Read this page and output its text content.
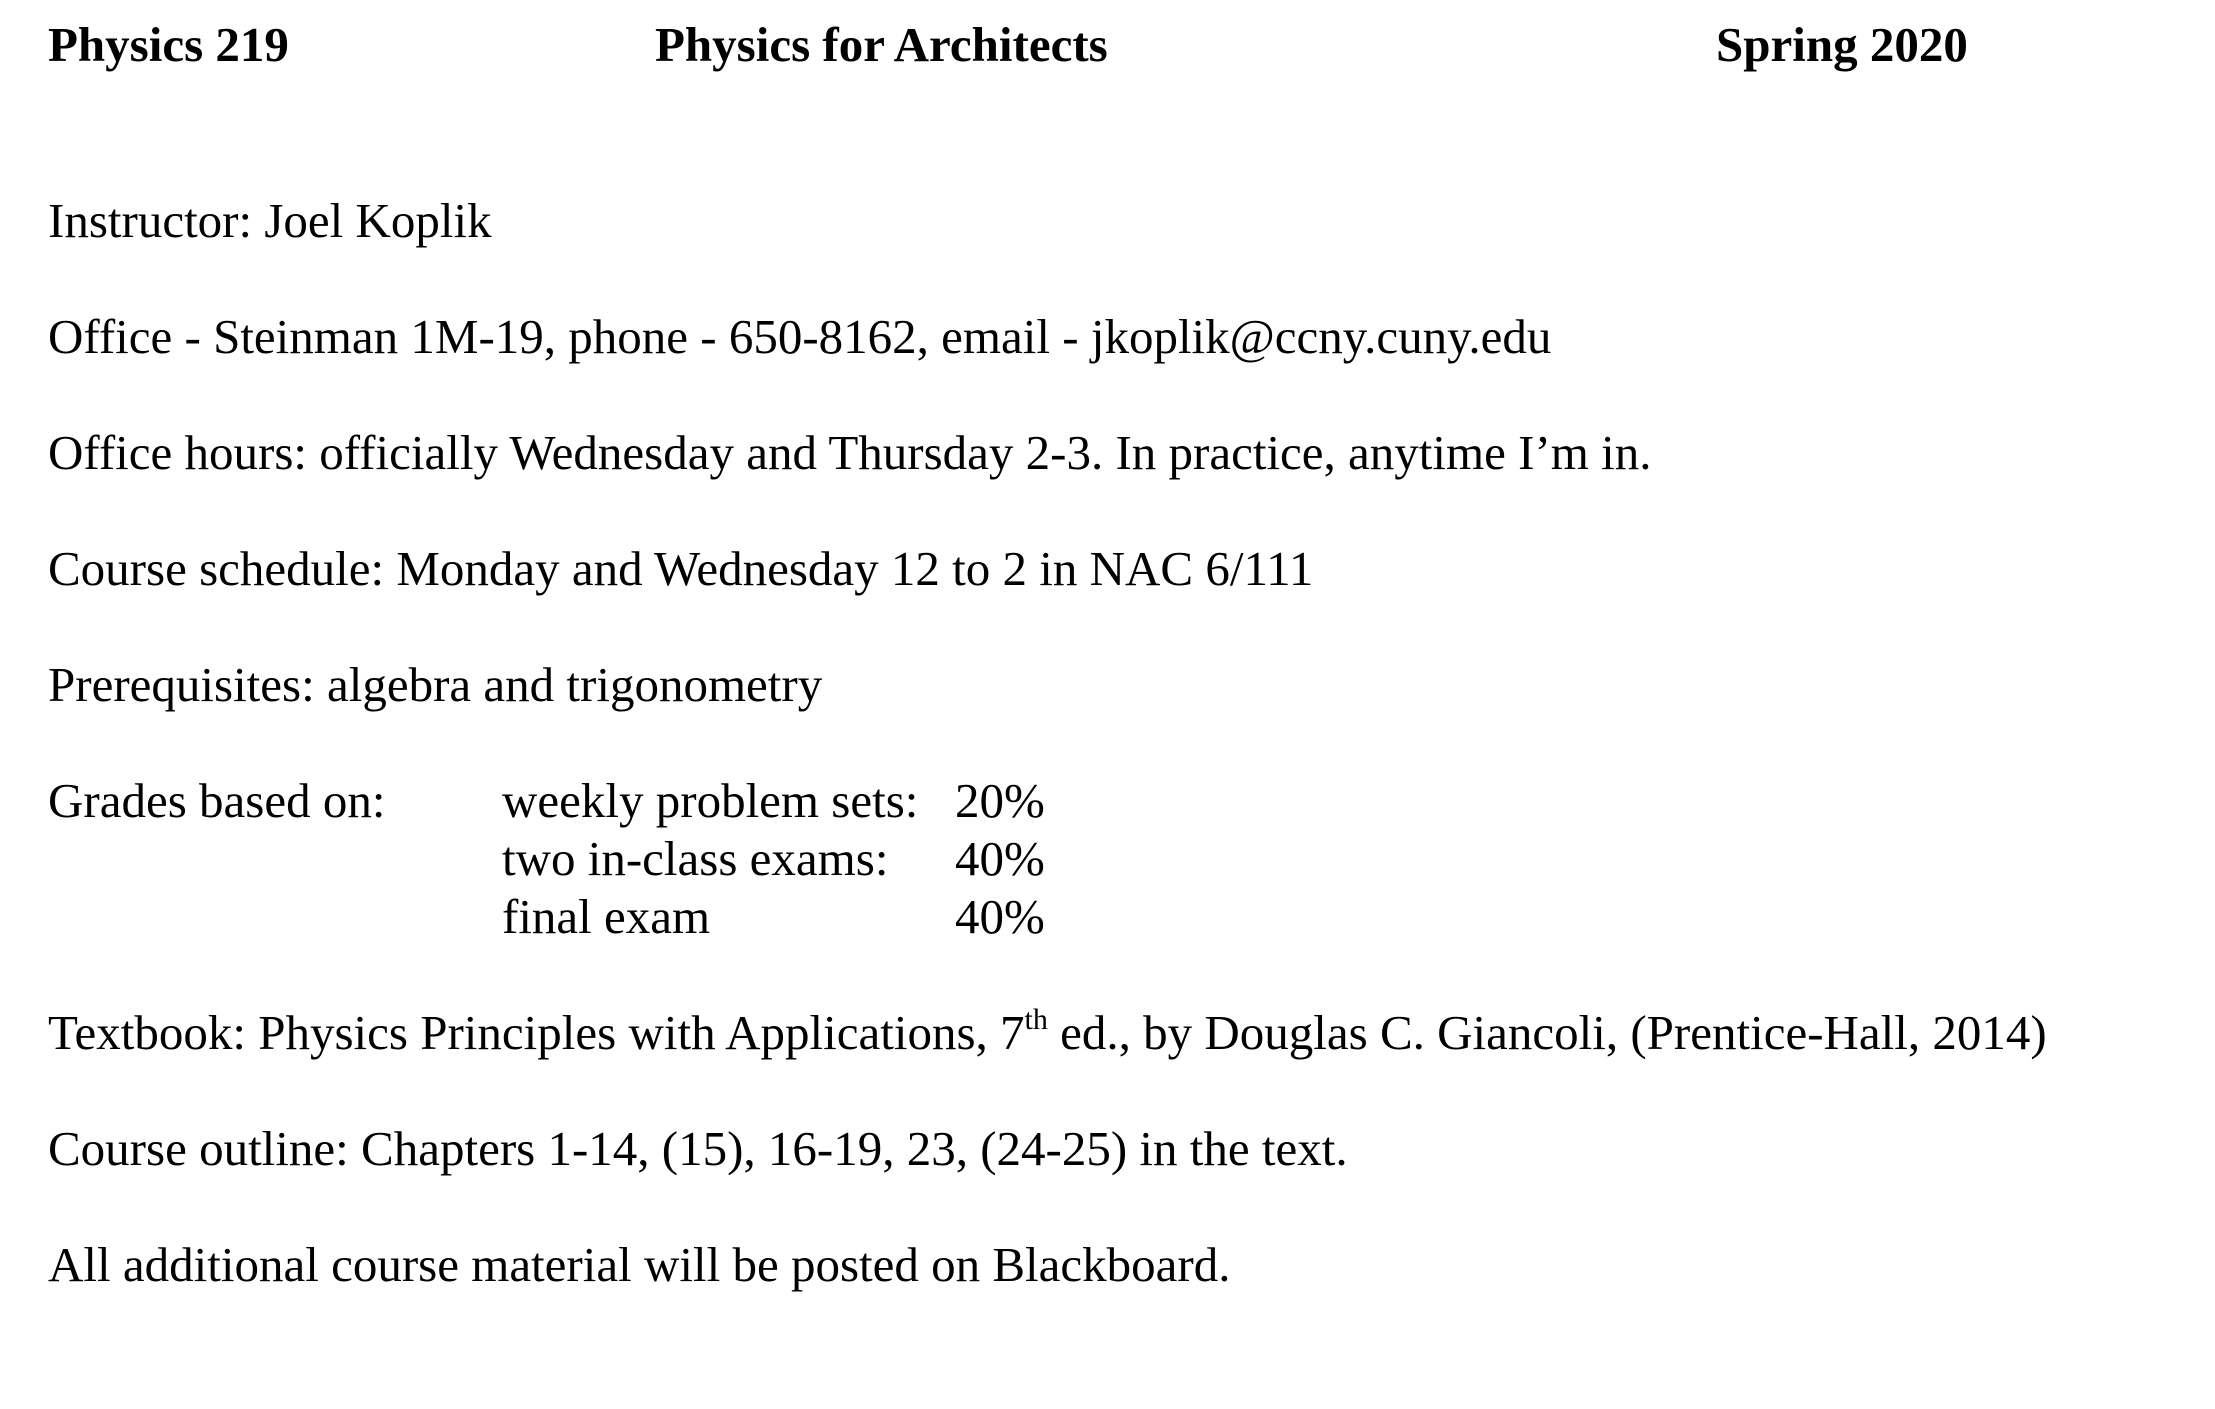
Physics 219	Physics for Architects	Spring 2020
Instructor: Joel Koplik
Office - Steinman 1M-19, phone - 650-8162, email - jkoplik@ccny.cuny.edu
Office hours: officially Wednesday and Thursday 2-3. In practice, anytime I’m in.
Course schedule: Monday and Wednesday 12 to 2 in NAC 6/111
Prerequisites: algebra and trigonometry
Grades based on: weekly problem sets: 20%
two in-class exams: 40%
final exam	40%
Textbook: Physics Principles with Applications, 7th ed., by Douglas C. Giancoli, (Prentice-Hall, 2014)
Course outline: Chapters 1-14, (15), 16-19, 23, (24-25) in the text.
All additional course material will be posted on Blackboard.
